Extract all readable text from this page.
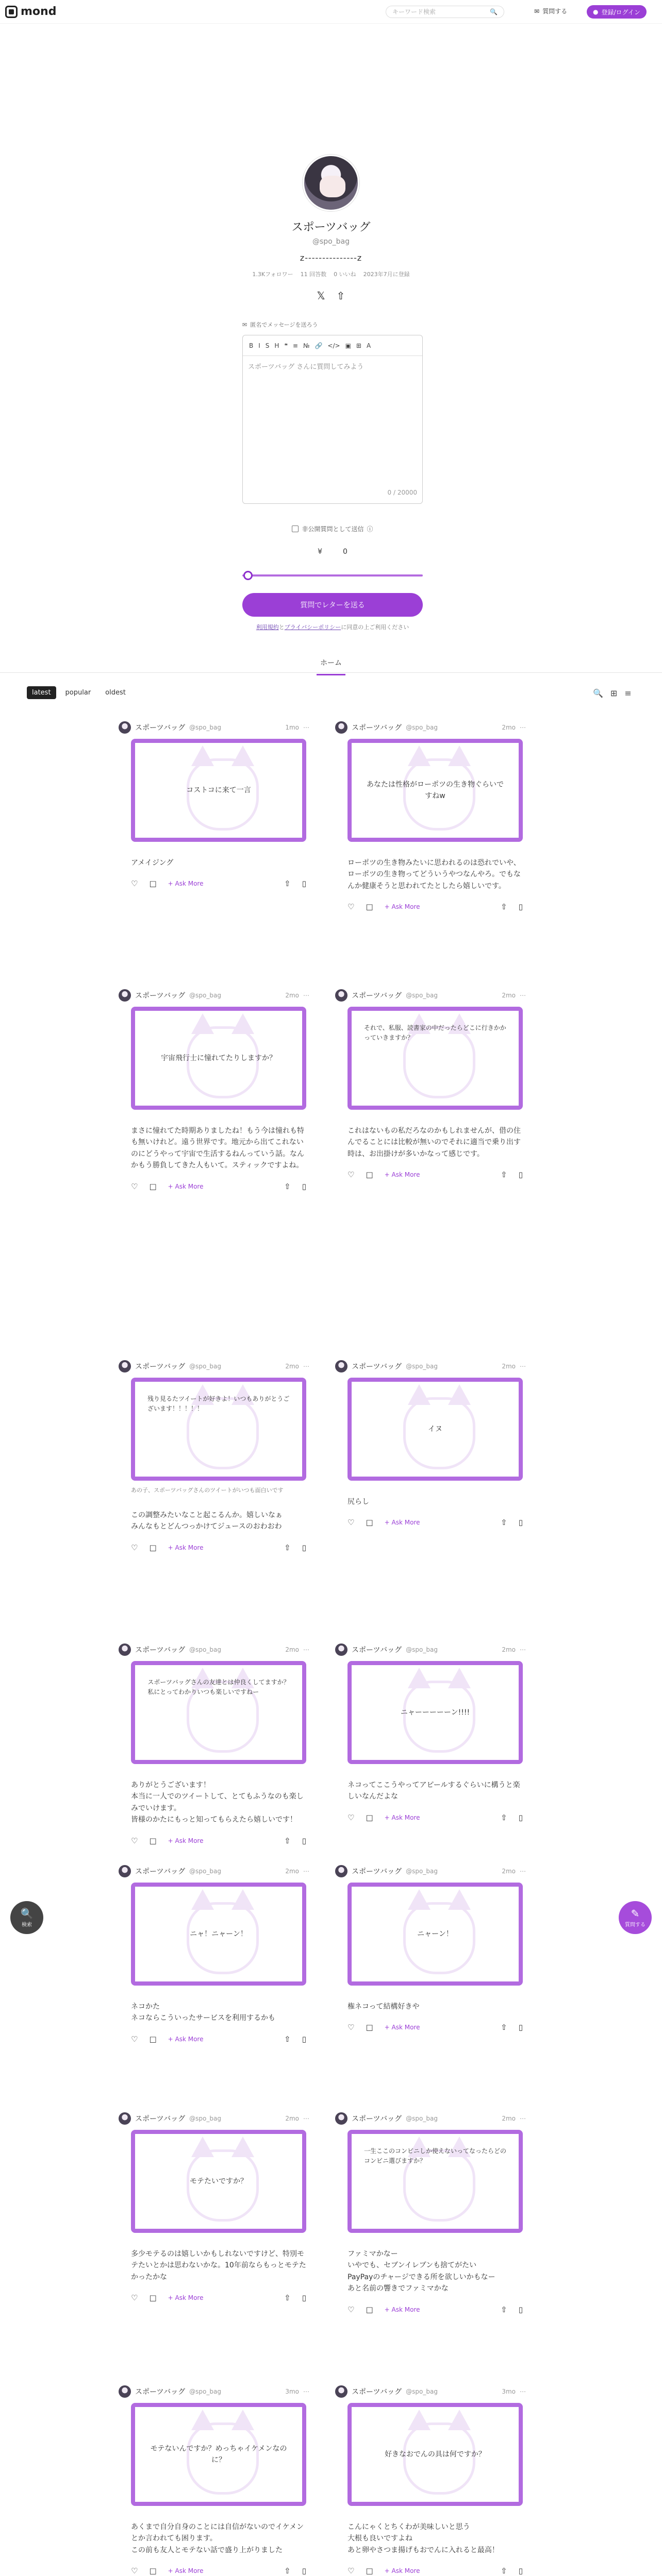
mond
キーワード検索	🔍	✉ 質問する	● 登録/ログイン
スポーツバッグ
@spo_bag
z---------------z
1.3Kフォロワー 11 回答数 0 いいね 2023年7月に登録
𝕏 ⇧
✉ 匿名でメッセージを送ろう
B I S H ❝ ≡ № 🔗 </> ▣ ⊞ A
スポーツバッグ さんに質問してみよう
0 / 20000
非公開質問として送信 ⓘ
¥	0
質問でレターを送る
利用規約とプライバシーポリシーに同意の上ご利用ください
ホーム
latest	popular	oldest	🔍 ⊞ ≡
スポーツバッグ @spo_bag	1mo ⋯
コストコに来て一言
アメイジング
♡ □ + Ask More	⇧ ▯
スポーツバッグ @spo_bag	2mo ⋯
あなたは性格がローポツの生き物ぐらいですねw
ローポツの生き物みたいに思われるのは恐れでいや、ローポツの生き物ってどういうやつなんやろ。でもなんか健康そうと思われてたとしたら嬉しいです。
♡ □ + Ask More	⇧ ▯
スポーツバッグ @spo_bag	2mo ⋯
宇宙飛行士に憧れてたりしますか？
まさに憧れてた時期ありましたね！もう今は憧れも特も無いけれど。遠う世界です。地元から出てこれないのにどうやって宇宙で生活するねんっていう話。なんかもう勝負してきた人もいて。スティックですよね。
♡ □ + Ask More	⇧ ▯
スポーツバッグ @spo_bag	2mo ⋯
それで、私服、読書家の中だったらどこに行きかかっていきますか？
これはないもの私だろなのかもしれませんが、借の住んでることには比較が無いのでそれに適当で乗り出す時は、お出掛けが多いかなって感じです。
♡ □ + Ask More	⇧ ▯
スポーツバッグ @spo_bag	2mo ⋯
残り見るたツイートが好きよ！いつもありがとうございます！！！！！
あの子、スポーツバッグさんのツイートがいつも面白いです
この調整みたいなこと起こるんか。嬉しいなぁ
みんなもとどんつっかけてジュースのおわおわ
♡ □ + Ask More	⇧ ▯
スポーツバッグ @spo_bag	2mo ⋯
イヌ
尻らし
♡ □ + Ask More	⇧ ▯
スポーツバッグ @spo_bag	2mo ⋯
スポーツバッグさんの友達とは仲良くしてますか？
私にとってわかりいつも楽しいですねー
ありがとうございます！
本当に一人でのツイートして、とてもふうなのも楽しみでいけます。
皆様のかたにもっと知ってもらえたら嬉しいです！
♡ □ + Ask More	⇧ ▯
スポーツバッグ @spo_bag	2mo ⋯
ニャーーーーーン!!!!
ネコってここうやってアピールするぐらいに構うと楽しいなんだよな
♡ □ + Ask More	⇧ ▯
スポーツバッグ @spo_bag	2mo ⋯
ニャ！ニャーン！
ネコかた
ネコならこういったサービスを利用するかも
♡ □ + Ask More	⇧ ▯
スポーツバッグ @spo_bag	2mo ⋯
ニャーン！
権ネコって結構好きや
♡ □ + Ask More	⇧ ▯
スポーツバッグ @spo_bag	2mo ⋯
モテたいですか？
多少モテるのは嬉しいかもしれないですけど、特別モテたいとかは思わないかな。10年前ならもっとモテたかったかな
♡ □ + Ask More	⇧ ▯
スポーツバッグ @spo_bag	2mo ⋯
一生ここのコンビニしか使えないってなったらどのコンビニ選びますか？
ファミマかなー
いやでも、セブンイレブンも捨てがたい
PayPayのチャージできる所を欲しいかもなー
あと名前の響きでファミマかな
♡ □ + Ask More	⇧ ▯
スポーツバッグ @spo_bag	3mo ⋯
モテないんですか？めっちゃイケメンなのに？
あくまで自分自身のことには自信がないのでイケメンとか言われても困ります。
この前も友人とモテない話で盛り上がりました
♡ □ + Ask More	⇧ ▯
スポーツバッグ @spo_bag	3mo ⋯
好きなおでんの具は何ですか？
こんにゃくとちくわが美味しいと思う
大根も良いですよね
あと卵やさつま揚げもおでんに入れると最高！
♡ □ + Ask More	⇧ ▯
🔍
検索
✎
質問する
